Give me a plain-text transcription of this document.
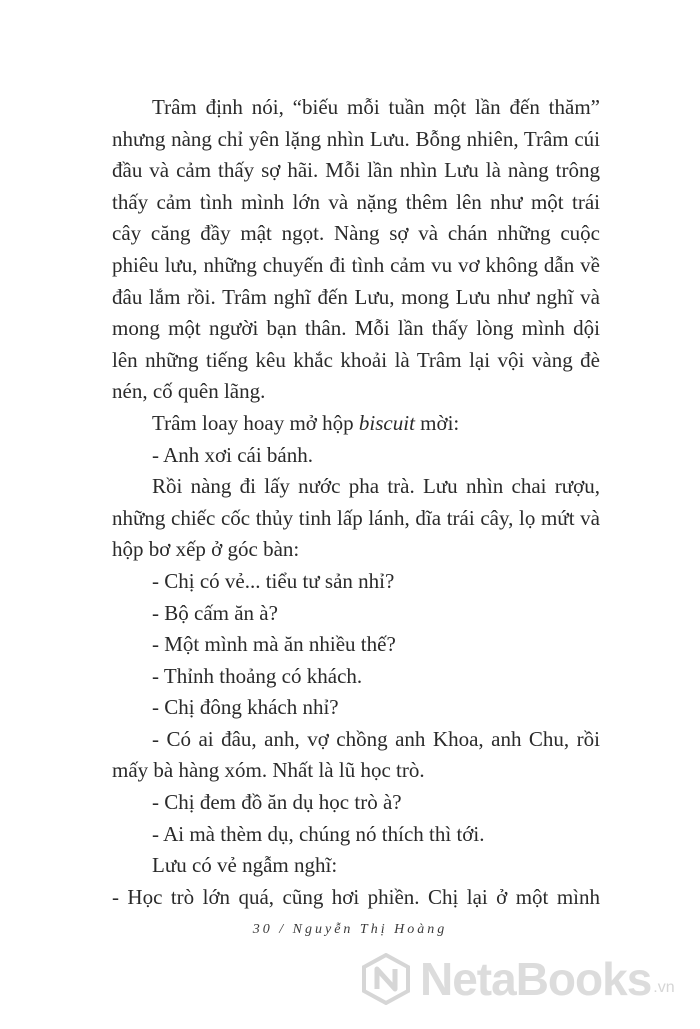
Trâm định nói, “biếu mỗi tuần một lần đến thăm”
nhưng nàng chỉ yên lặng nhìn Lưu. Bỗng nhiên, Trâm cúi
đầu và cảm thấy sợ hãi. Mỗi lần nhìn Lưu là nàng trông
thấy cảm tình mình lớn và nặng thêm lên như một trái
cây căng đầy mật ngọt. Nàng sợ và chán những cuộc
phiêu lưu, những chuyến đi tình cảm vu vơ không dẫn về
đâu lắm rồi. Trâm nghĩ đến Lưu, mong Lưu như nghĩ và
mong một người bạn thân. Mỗi lần thấy lòng mình dội
lên những tiếng kêu khắc khoải là Trâm lại vội vàng đè
nén, cố quên lãng.
Trâm loay hoay mở hộp biscuit mời:
- Anh xơi cái bánh.
Rồi nàng đi lấy nước pha trà. Lưu nhìn chai rượu,
những chiếc cốc thủy tinh lấp lánh, dĩa trái cây, lọ mứt và
hộp bơ xếp ở góc bàn:
- Chị có vẻ... tiểu tư sản nhỉ?
- Bộ cấm ăn à?
- Một mình mà ăn nhiều thế?
- Thỉnh thoảng có khách.
- Chị đông khách nhỉ?
- Có ai đâu, anh, vợ chồng anh Khoa, anh Chu, rồi
mấy bà hàng xóm. Nhất là lũ học trò.
- Chị đem đồ ăn dụ học trò à?
- Ai mà thèm dụ, chúng nó thích thì tới.
Lưu có vẻ ngẫm nghĩ:
- Học trò lớn quá, cũng hơi phiền. Chị lại ở một mình
30 / Nguyễn Thị Hoàng
NetaBooks .vn
